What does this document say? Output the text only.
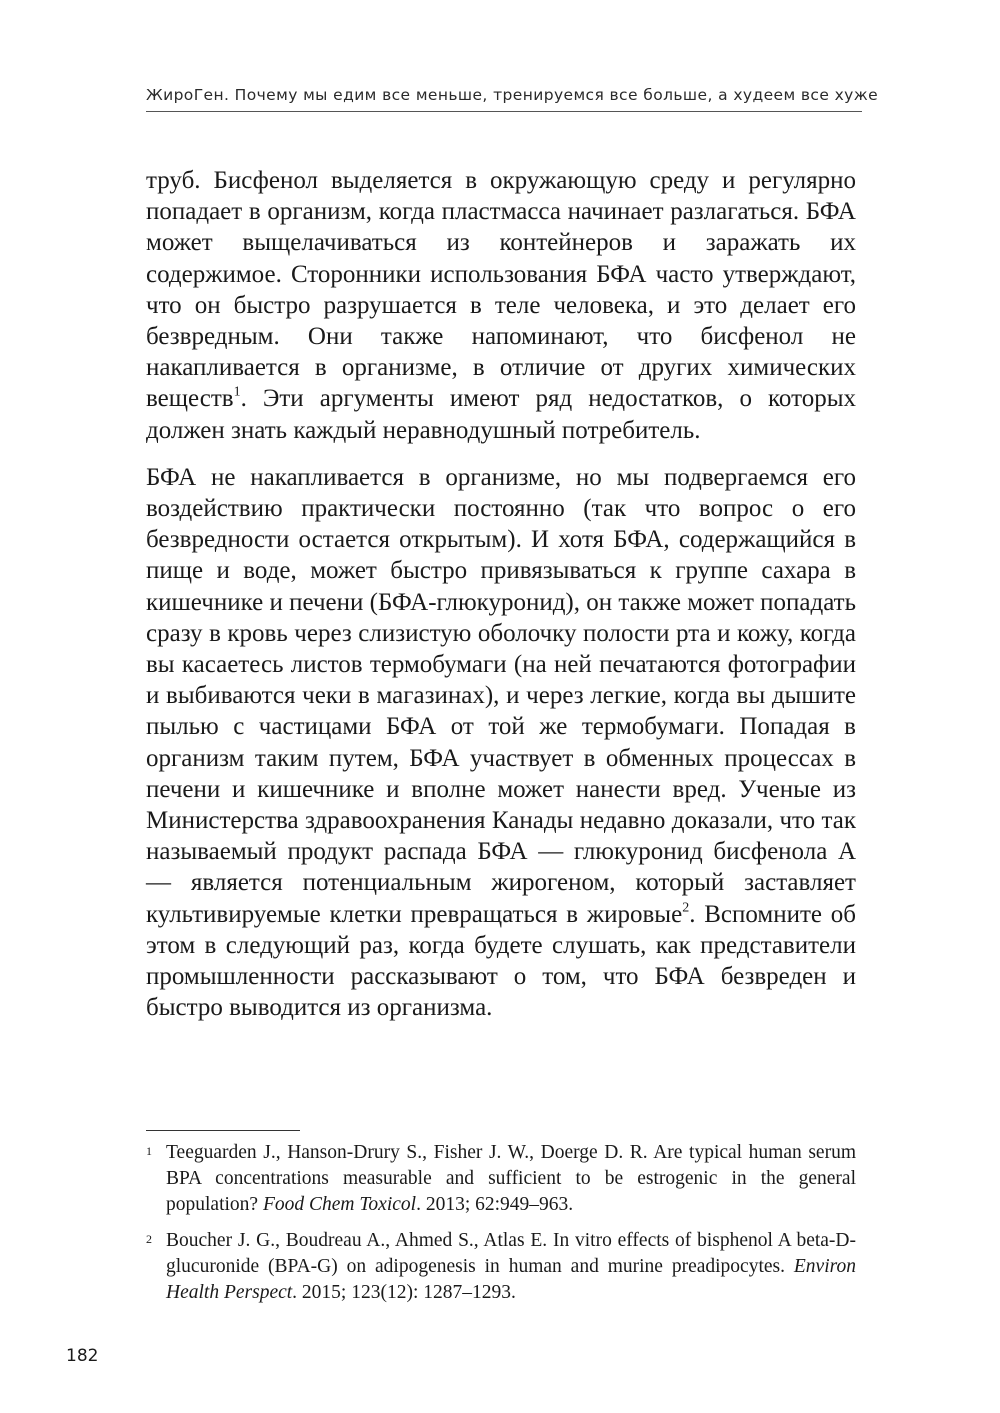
ЖироГен. Почему мы едим все меньше, тренируемся все больше, а худеем все хуже

труб. Бисфенол выделяется в окружающую среду и регулярно попадает в организм, когда пластмасса начинает разлагаться. БФА может выщелачиваться из контейнеров и заражать их содержимое. Сторонники использования БФА часто утверждают, что он быстро разрушается в теле человека, и это делает его безвредным. Они также напоминают, что бисфенол не накапливается в организме, в отличие от других химических веществ$^1$. Эти аргументы имеют ряд недостатков, о которых должен знать каждый неравнодушный потребитель.

БФА не накапливается в организме, но мы подвергаемся его воздействию практически постоянно (так что вопрос о его безвредности остается открытым). И хотя БФА, содержащийся в пище и воде, может быстро привязываться к группе сахара в кишечнике и печени (БФА-глюкуронид), он также может попадать сразу в кровь через слизистую оболочку полости рта и кожу, когда вы касаетесь листов термобумаги (на ней печатаются фотографии и выбиваются чеки в магазинах), и через легкие, когда вы дышите пылью с частицами БФА от той же термобумаги. Попадая в организм таким путем, БФА участвует в обменных процессах в печени и кишечнике и вполне может нанести вред. Ученые из Министерства здравоохранения Канады недавно доказали, что так называемый продукт распада БФА — глюкуронид бисфенола А — является потенциальным жирогеном, который заставляет культивируемые клетки превращаться в жировые$^2$. Вспомните об этом в следующий раз, когда будете слушать, как представители промышленности рассказывают о том, что БФА безвреден и быстро выводится из организма.

1 Teeguarden J., Hanson-Drury S., Fisher J. W., Doerge D. R. Are typical human serum BPA concentrations measurable and sufficient to be estrogenic in the general population? Food Chem Toxicol. 2013; 62:949–963.
2 Boucher J. G., Boudreau A., Ahmed S., Atlas E. In vitro effects of bisphenol A beta-D-glucuronide (BPA-G) on adipogenesis in human and murine preadipocytes. Environ Health Perspect. 2015; 123(12): 1287–1293.
182
